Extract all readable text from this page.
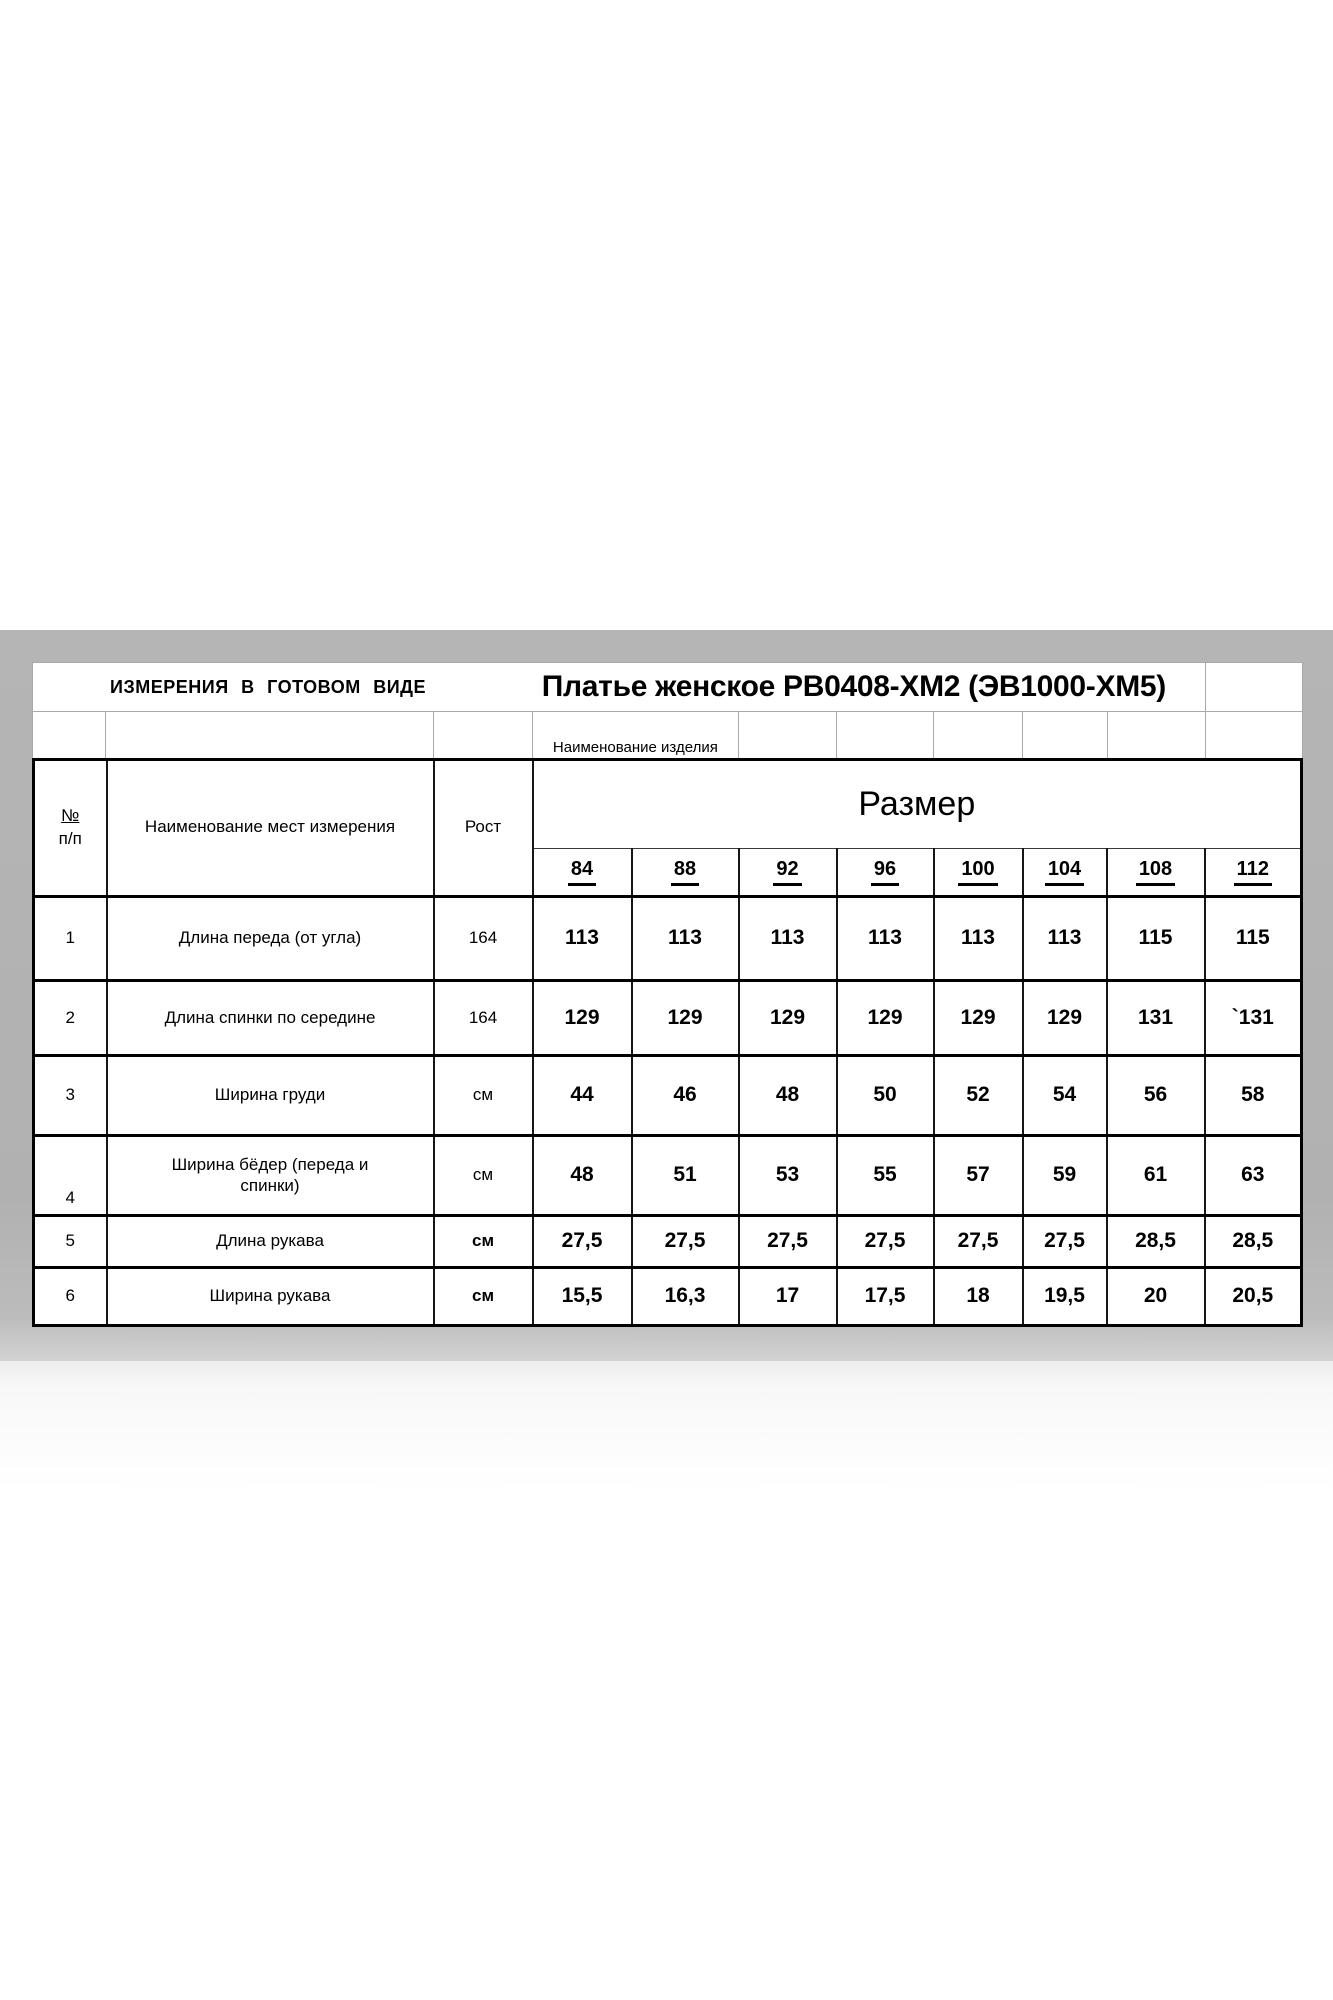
ИЗМЕРЕНИЯ В ГОТОВОМ ВИДЕ Платье женское РВ0408-ХМ2 (ЭВ1000-ХМ5)									

			Наименование изделия						
№
п/п	Наименование мест измерения	Рост	Размер							
			84	88	92	96	100	104	108	112
1	Длина переда (от угла)	164	113	113	113	113	113	113	115	115
2	Длина спинки по середине	164	129	129	129	129	129	129	131	`131
3	Ширина груди	см	44	46	48	50	52	54	56	58
4	Ширина бёдер (переда и спинки)	см	48	51	53	55	57	59	61	63
5	Длина рукава	см	27,5	27,5	27,5	27,5	27,5	27,5	28,5	28,5
6	Ширина рукава	см	15,5	16,3	17	17,5	18	19,5	20	20,5
